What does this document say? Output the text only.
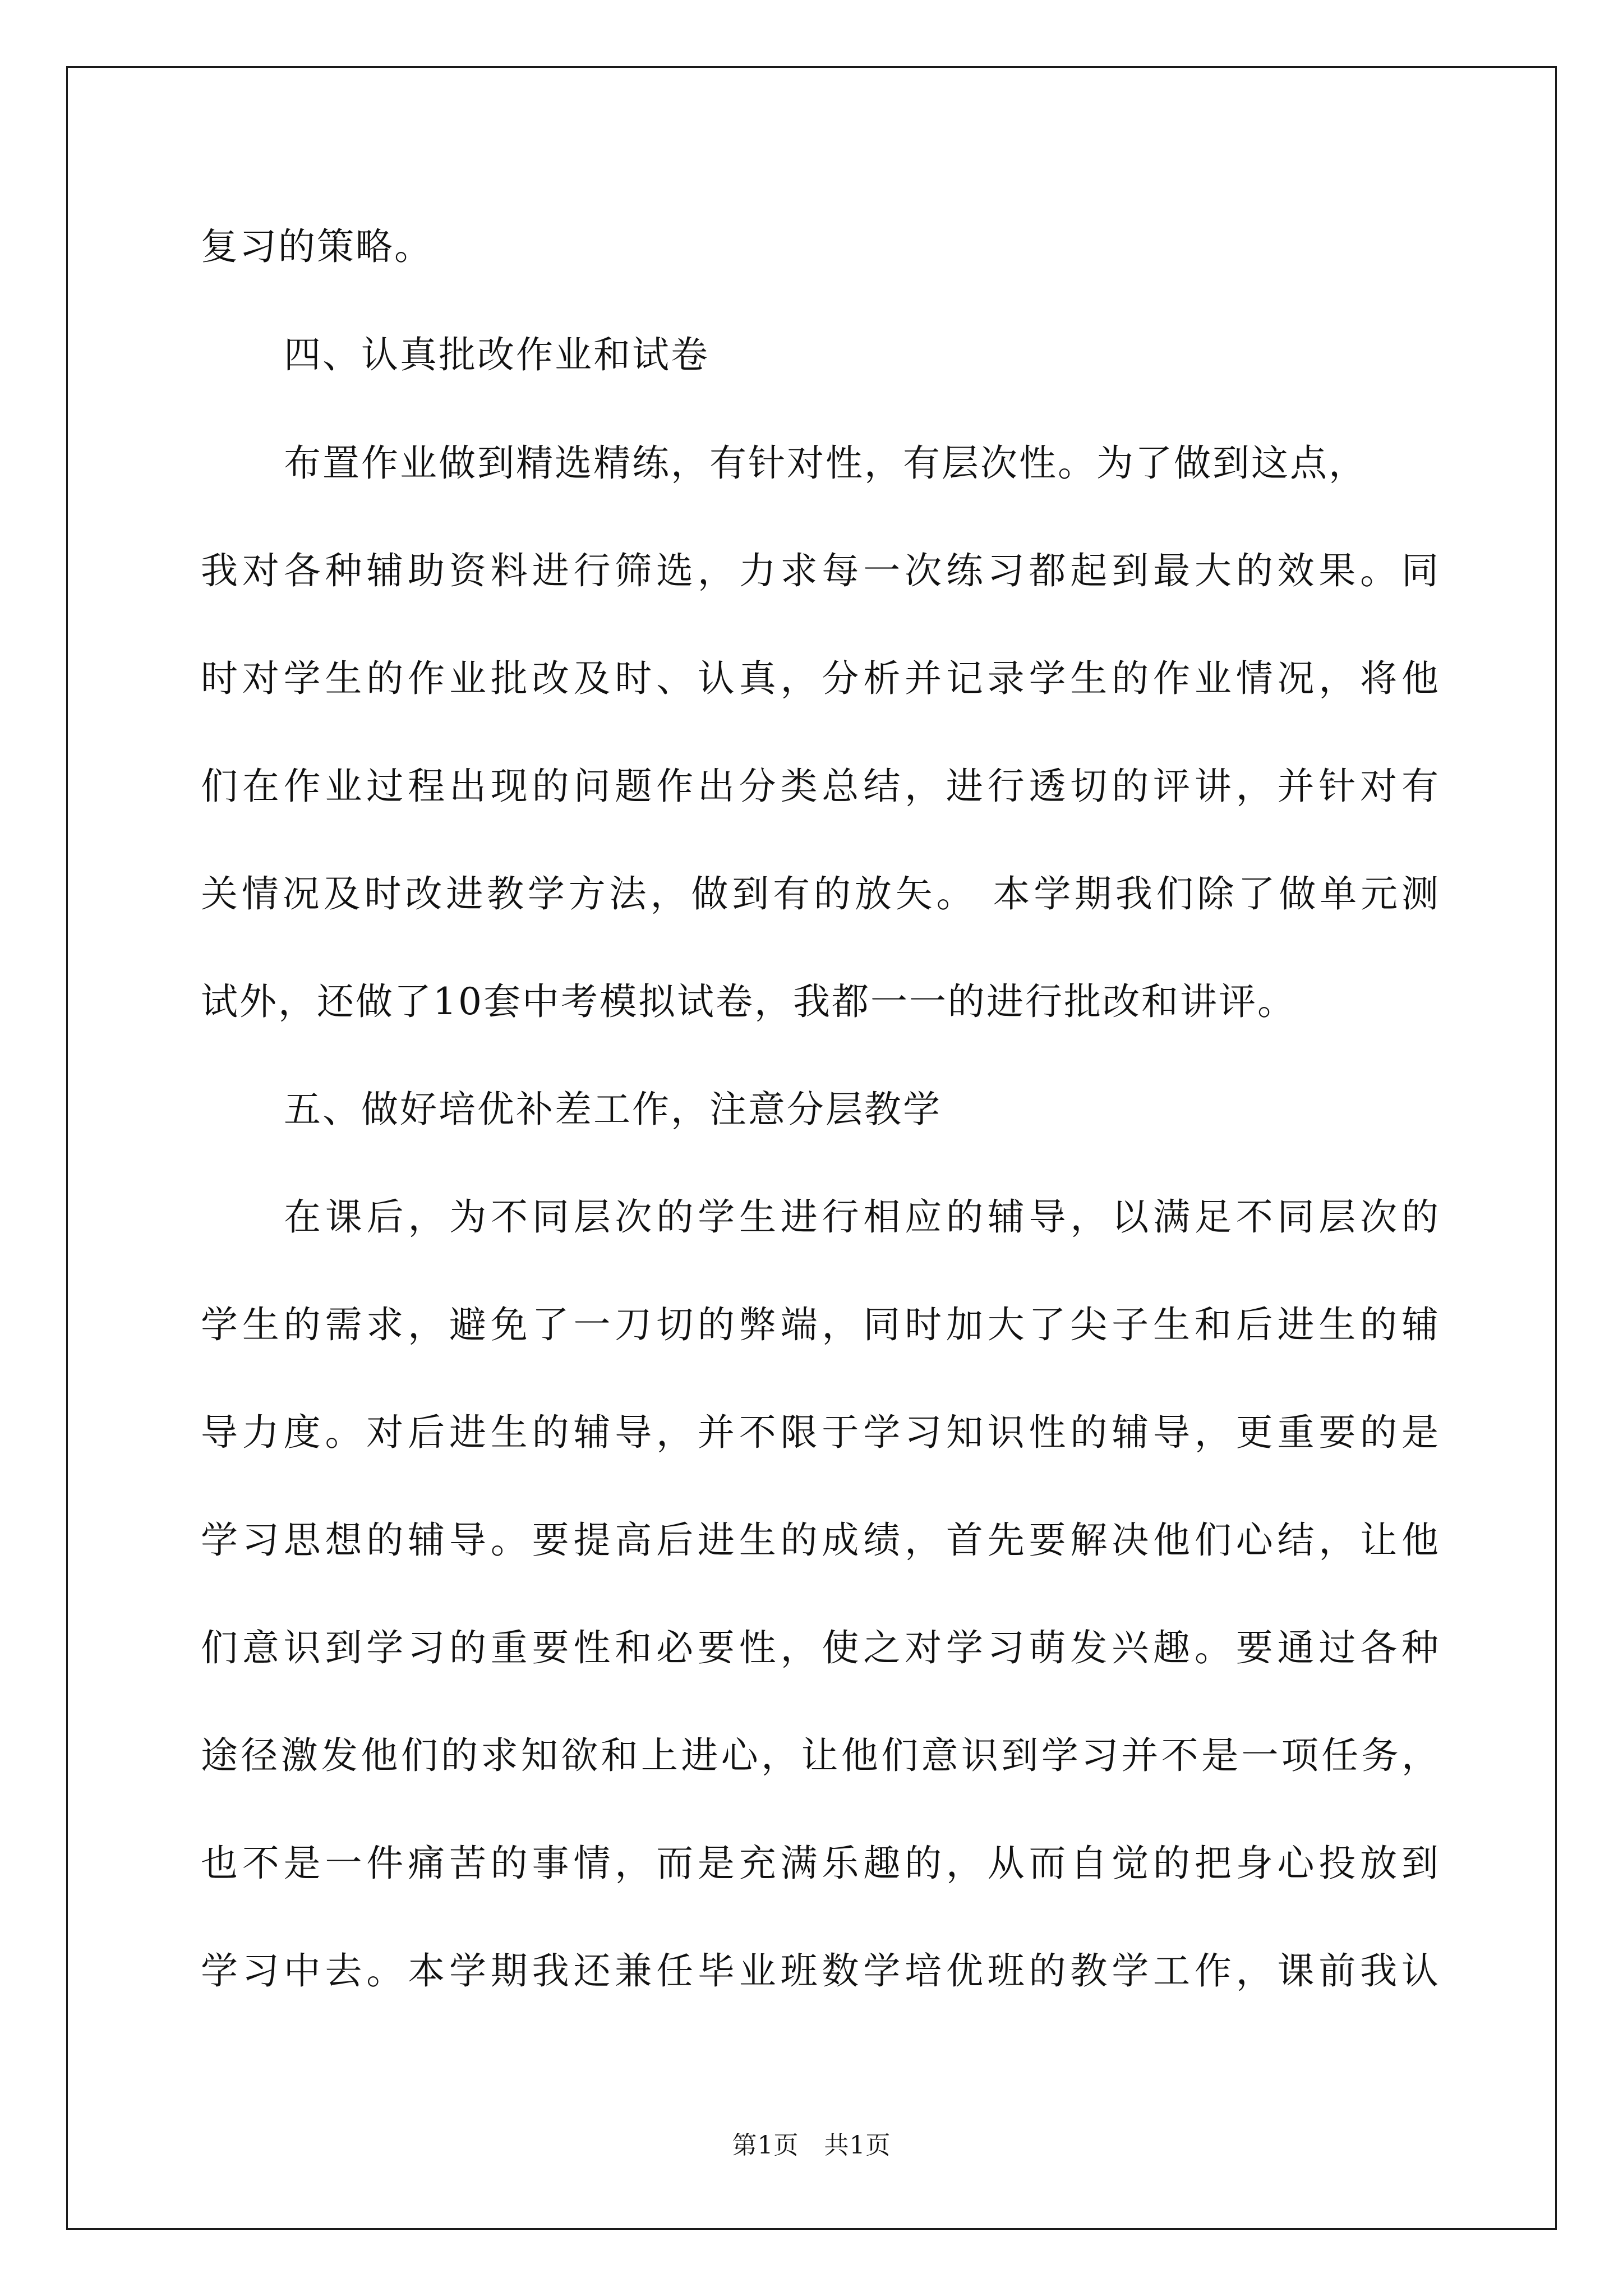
复习的策略。
四、认真批改作业和试卷
布置作业做到精选精练，有针对性，有层次性。为了做到这点，
我对各种辅助资料进行筛选，力求每一次练习都起到最大的效果。同
时对学生的作业批改及时、认真，分析并记录学生的作业情况，将他
们在作业过程出现的问题作出分类总结，进行透切的评讲，并针对有
关情况及时改进教学方法，做到有的放矢。 本学期我们除了做单元测
试外，还做了10套中考模拟试卷，我都一一的进行批改和讲评。
五、做好培优补差工作，注意分层教学
在课后，为不同层次的学生进行相应的辅导，以满足不同层次的
学生的需求，避免了一刀切的弊端，同时加大了尖子生和后进生的辅
导力度。对后进生的辅导，并不限于学习知识性的辅导，更重要的是
学习思想的辅导。要提高后进生的成绩，首先要解决他们心结，让他
们意识到学习的重要性和必要性，使之对学习萌发兴趣。要通过各种
途径激发他们的求知欲和上进心，让他们意识到学习并不是一项任务，
也不是一件痛苦的事情，而是充满乐趣的，从而自觉的把身心投放到
学习中去。本学期我还兼任毕业班数学培优班的教学工作，课前我认
第1页　共1页
